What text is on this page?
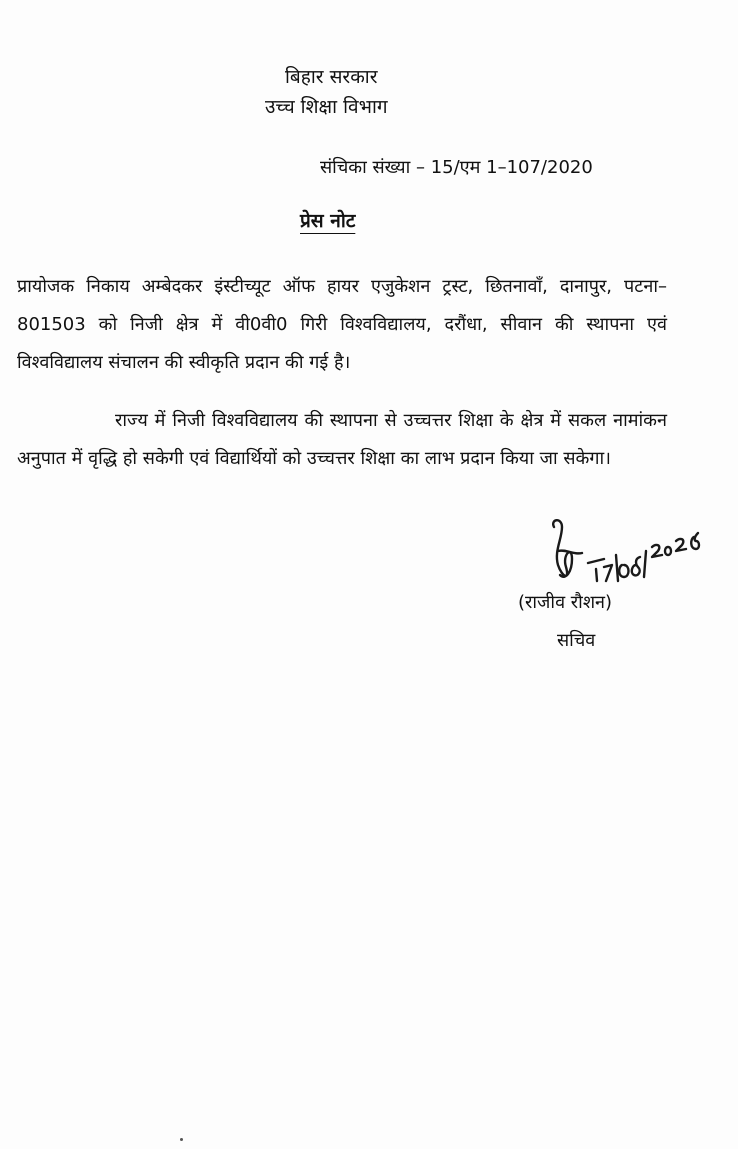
बिहार सरकार
उच्च शिक्षा विभाग
संचिका संख्या – 15/एम 1–107/2020
प्रेस नोट
प्रायोजक निकाय अम्बेदकर इंस्टीच्यूट ऑफ हायर एजुकेशन ट्रस्ट, छितनावाँ, दानापुर, पटना–801503 को निजी क्षेत्र में वी0वी0 गिरी विश्वविद्यालय, दरौंधा, सीवान की स्थापना एवं विश्वविद्यालय संचालन की स्वीकृति प्रदान की गई है।
राज्य में निजी विश्वविद्यालय की स्थापना से उच्चत्तर शिक्षा के क्षेत्र में सकल नामांकन अनुपात में वृद्धि हो सकेगी एवं विद्यार्थियों को उच्चत्तर शिक्षा का लाभ प्रदान किया जा सकेगा।
(राजीव रौशन)
सचिव
